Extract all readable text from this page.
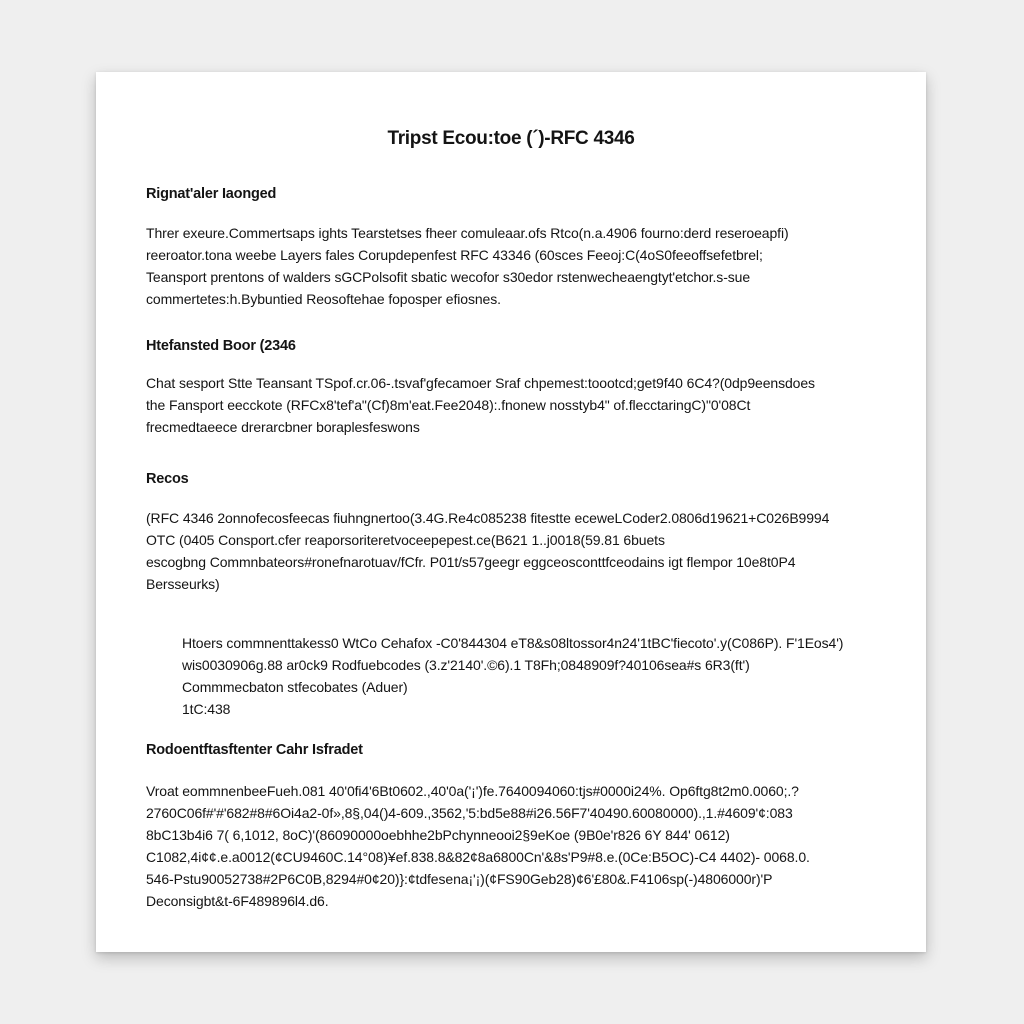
Tripst Ecou:toe (´)-RFC 4346
Rignat'aler Iaonged
Threr exeure.Commertsaps ights Tearstetses fheer comuleaar.ofs Rtco(n.a.4906 fourno:derd reseroeapfi)
reeroator.tona weebe Layers fales Corupdepenfest RFC 43346 (60sces Feeoj:C(4oS0feeoffsefetbrel;
Teansport prentons of walders sGCPolsofit sbatic wecofor s30edor rstenwecheaengtyt'etchor.s-sue
commertetes:h.Bybuntied Reosoftehae foposper efiosnes.
Htefansted Boor (2346
Chat sesport Stte Teansant TSpof.cr.06-.tsvaf'gfecamoer Sraf chpemest:toootcd;get9f40 6C4?(0dp9eensdoes
the Fansport eecckote (RFCx8'tef'a"(Cf)8m'eat.Fee2048):.fnonew nosstyb4" of.flecctaringC)"0'08Ct
frecmedtaeece drerarcbner boraplesfeswons
Recos
(RFC 4346 2onnofecosfeecas fiuhngnertoo(3.4G.Re4c085238 fitestte eceweLCoder2.0806d19621+C026B9994
OTC (0405 Consport.cfer reaporsoriteretvoceepepest.ce(B621 1..j0018(59.81 6buets
escogbng Commnbateors#ronefnarotuav/fCfr. P01t/s57geegr eggceosconttfceodains igt flempor 10e8t0P4
Bersseurks)
Htoers commnenttakess0 WtCo Cehafox -C0'844304 eT8&s08ltossor4n24'1tBC'fiecoto'.y(C086P). F'1Eos4')
wis0030906g.88 ar0ck9 Rodfuebcodes (3.z'2140'.©6).1 T8Fh;0848909f?40106sea#s 6R3(ft')
Commmecbaton stfecobates (Aduer)
1tC:438
Rodoentftasftenter Cahr Isfradet
Vroat eommnenbeeFueh.081 40'0fi4'6Bt0602.,40'0a('¡')fe.7640094060:tjs#0000i24%. Op6ftg8t2m0.0060;.?
2760C06f#'#'682#8#6Oi4a2-0f»,8§,04()4-609.,3562,'5:bd5e88#i26.56F7'40490.60080000).,1.#4609'¢:083
8bC13b4i6 7( 6,1012, 8oC)'(86090000oebhhe2bPchynneooi2§9eKoe (9B0e'r826 6Y 844' 0612)
C1082,4i¢¢.e.a0012(¢CU9460C.14°08)¥ef.838.8&82¢8a6800Cn'&8s'P9#8.e.(0Ce:B5OC)-C4 4402)- 0068.0.
546-Pstu90052738#2P6C0B,8294#0¢20)}:¢tdfesena¡'¡)(¢FS90Geb28)¢6'£80&.F4106sp(-)4806000r)'P
Deconsigbt&t-6F489896l4.d6.
